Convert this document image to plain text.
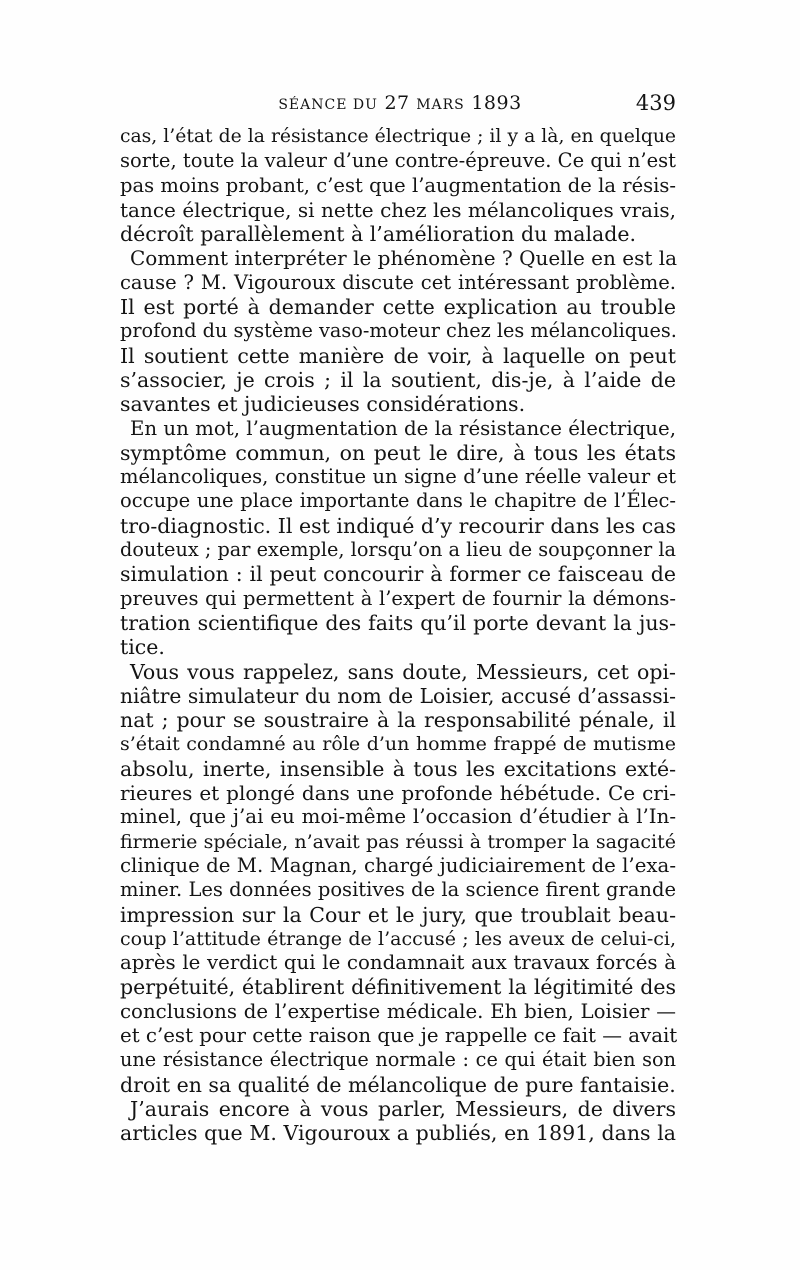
SÉANCE DU 27 MARS 1893	439
cas, l’état de la résistance électrique ; il y a là, en quelque
sorte, toute la valeur d’une contre-épreuve. Ce qui n’est
pas moins probant, c’est que l’augmentation de la résis-
tance électrique, si nette chez les mélancoliques vrais,
décroît parallèlement à l’amélioration du malade.
Comment interpréter le phénomène ? Quelle en est la
cause ? M. Vigouroux discute cet intéressant problème.
Il est porté à demander cette explication au trouble
profond du système vaso-moteur chez les mélancoliques.
Il soutient cette manière de voir, à laquelle on peut
s’associer, je crois ; il la soutient, dis-je, à l’aide de
savantes et judicieuses considérations.
En un mot, l’augmentation de la résistance électrique,
symptôme commun, on peut le dire, à tous les états
mélancoliques, constitue un signe d’une réelle valeur et
occupe une place importante dans le chapitre de l’Élec-
tro-diagnostic. Il est indiqué d’y recourir dans les cas
douteux ; par exemple, lorsqu’on a lieu de soupçonner la
simulation : il peut concourir à former ce faisceau de
preuves qui permettent à l’expert de fournir la démons-
tration scientifique des faits qu’il porte devant la jus-
tice.
Vous vous rappelez, sans doute, Messieurs, cet opi-
niâtre simulateur du nom de Loisier, accusé d’assassi-
nat ; pour se soustraire à la responsabilité pénale, il
s’était condamné au rôle d’un homme frappé de mutisme
absolu, inerte, insensible à tous les excitations exté-
rieures et plongé dans une profonde hébétude. Ce cri-
minel, que j’ai eu moi-même l’occasion d’étudier à l’In-
firmerie spéciale, n’avait pas réussi à tromper la sagacité
clinique de M. Magnan, chargé judiciairement de l’exa-
miner. Les données positives de la science firent grande
impression sur la Cour et le jury, que troublait beau-
coup l’attitude étrange de l’accusé ; les aveux de celui-ci,
après le verdict qui le condamnait aux travaux forcés à
perpétuité, établirent définitivement la légitimité des
conclusions de l’expertise médicale. Eh bien, Loisier —
et c’est pour cette raison que je rappelle ce fait — avait
une résistance électrique normale : ce qui était bien son
droit en sa qualité de mélancolique de pure fantaisie.
J’aurais encore à vous parler, Messieurs, de divers
articles que M. Vigouroux a publiés, en 1891, dans la
